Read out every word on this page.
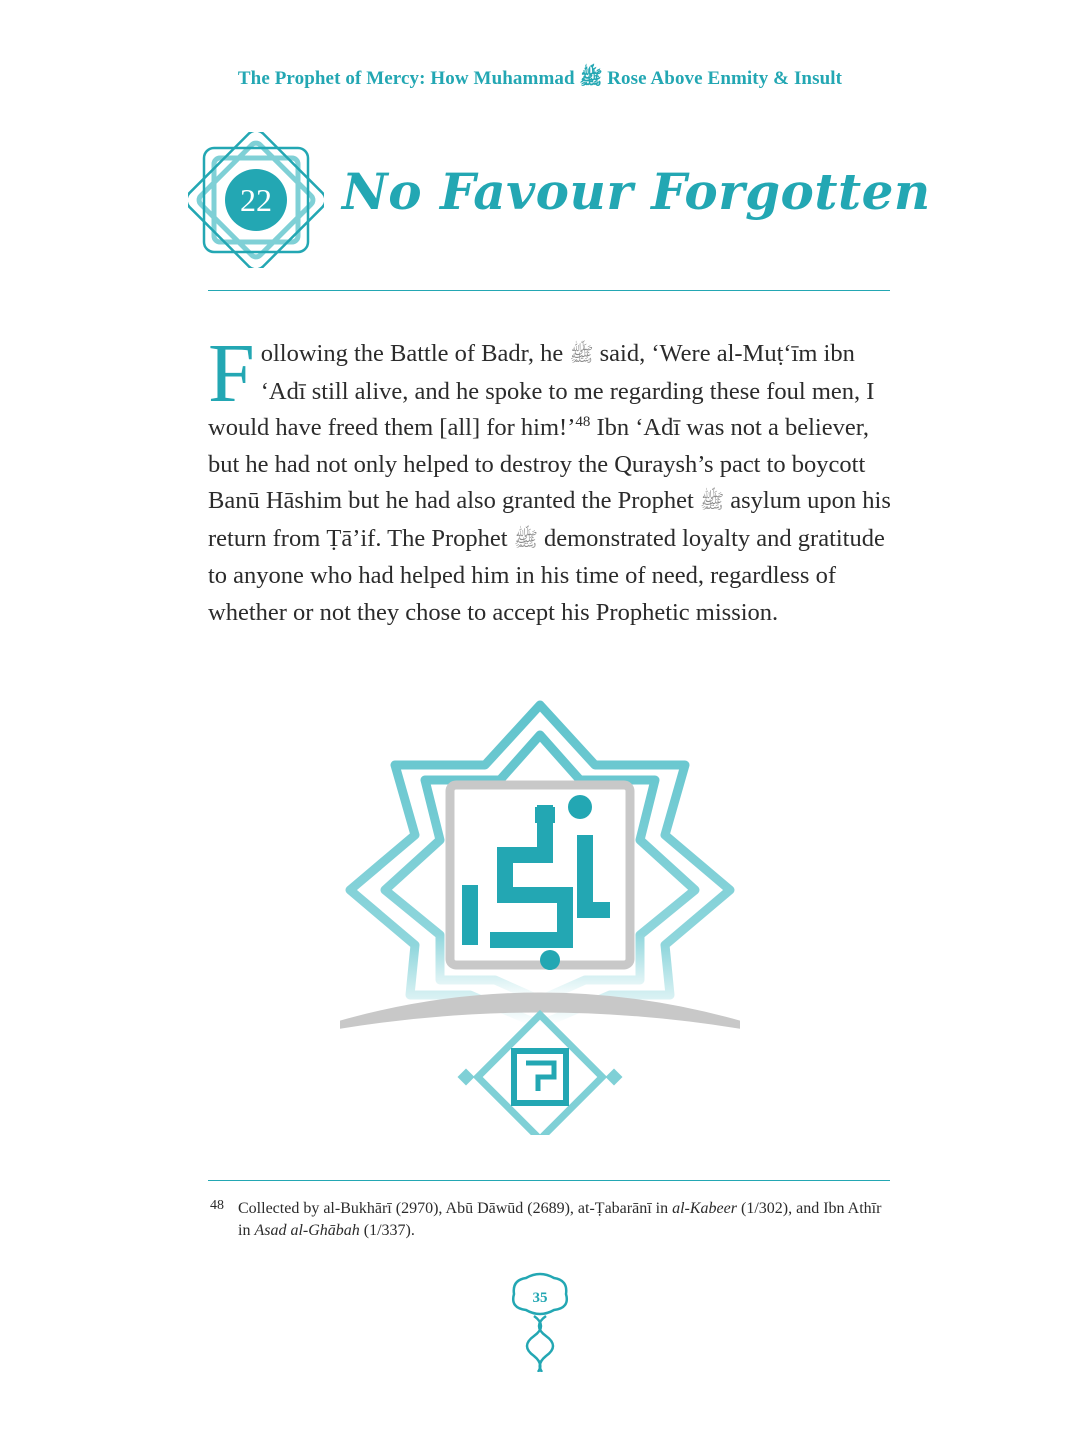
The Prophet of Mercy: How Muhammad ﷺ Rose Above Enmity & Insult
22	No Favour Forgotten
Following the Battle of Badr, he ﷺ said, ‘Were al-Muṭ‘īm ibn ‘Adī still alive, and he spoke to me regarding these foul men, I would have freed them [all] for him!’$^{48}$ Ibn ‘Adī was not a believer, but he had not only helped to destroy the Quraysh’s pact to boycott Banū Hāshim but he had also granted the Prophet ﷺ asylum upon his return from Ṭā’if. The Prophet ﷺ demonstrated loyalty and gratitude to anyone who had helped him in his time of need, regardless of whether or not they chose to accept his Prophetic mission.
48 Collected by al-Bukhārī (2970), Abū Dāwūd (2689), at-Ṭabarānī in al-Kabeer (1/302), and Ibn Athīr in Asad al-Ghābah (1/337).
35
